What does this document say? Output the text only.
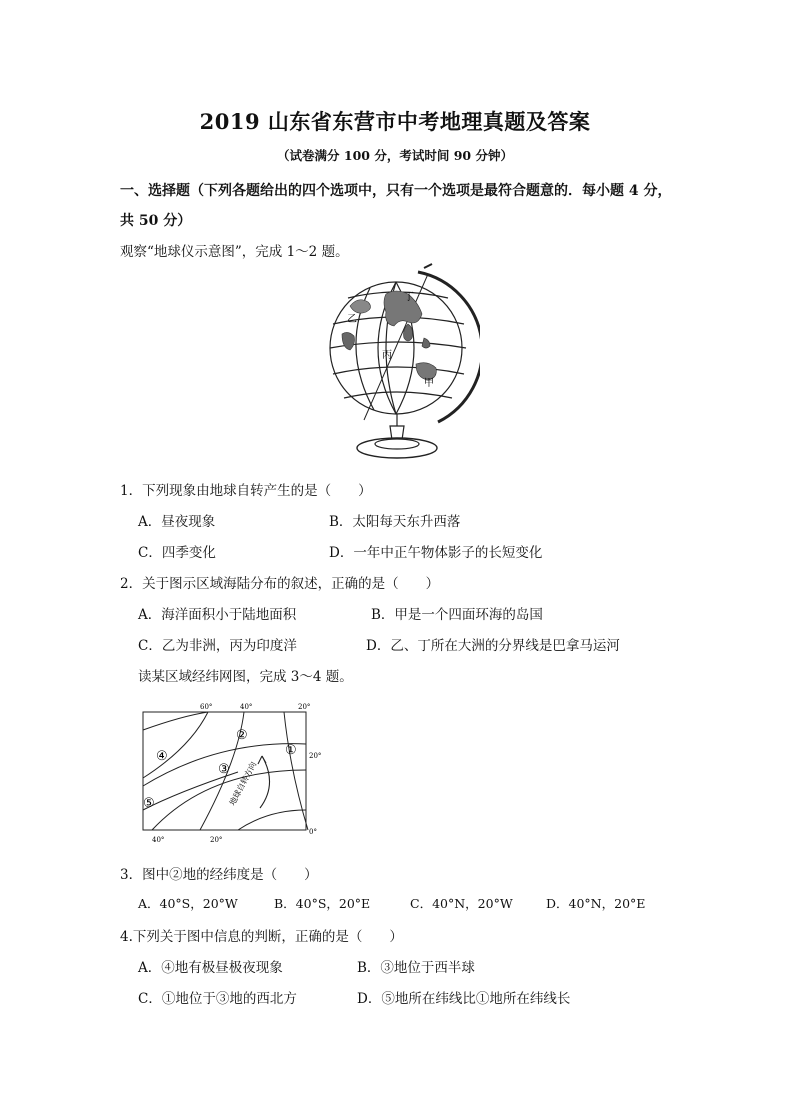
2019 山东省东营市中考地理真题及答案
（试卷满分 100 分，考试时间 90 分钟）
一、选择题（下列各题给出的四个选项中，只有一个选项是最符合题意的．每小题 4 分，
共 50 分）
观察“地球仪示意图”，完成 1～2 题。
乙
丁
丙
甲
1．下列现象由地球自转产生的是（　　）
A．昼夜现象	B．太阳每天东升西落
C．四季变化	D．一年中正午物体影子的长短变化
2．关于图示区域海陆分布的叙述，正确的是（　　）
A．海洋面积小于陆地面积	B．甲是一个四面环海的岛国
C．乙为非洲，丙为印度洋	D．乙、丁所在大洲的分界线是巴拿马运河
读某区域经纬网图，完成 3～4 题。
60°	40°	20°
40°	20°
20°
0°
①
②
③
④
⑤	地球自转方向
3．图中②地的经纬度是（　　）
A．40°S，20°W	B．40°S，20°E	C．40°N，20°W	D．40°N，20°E
4.下列关于图中信息的判断，正确的是（　　）
A．④地有极昼极夜现象	B．③地位于西半球
C．①地位于③地的西北方	D．⑤地所在纬线比①地所在纬线长
